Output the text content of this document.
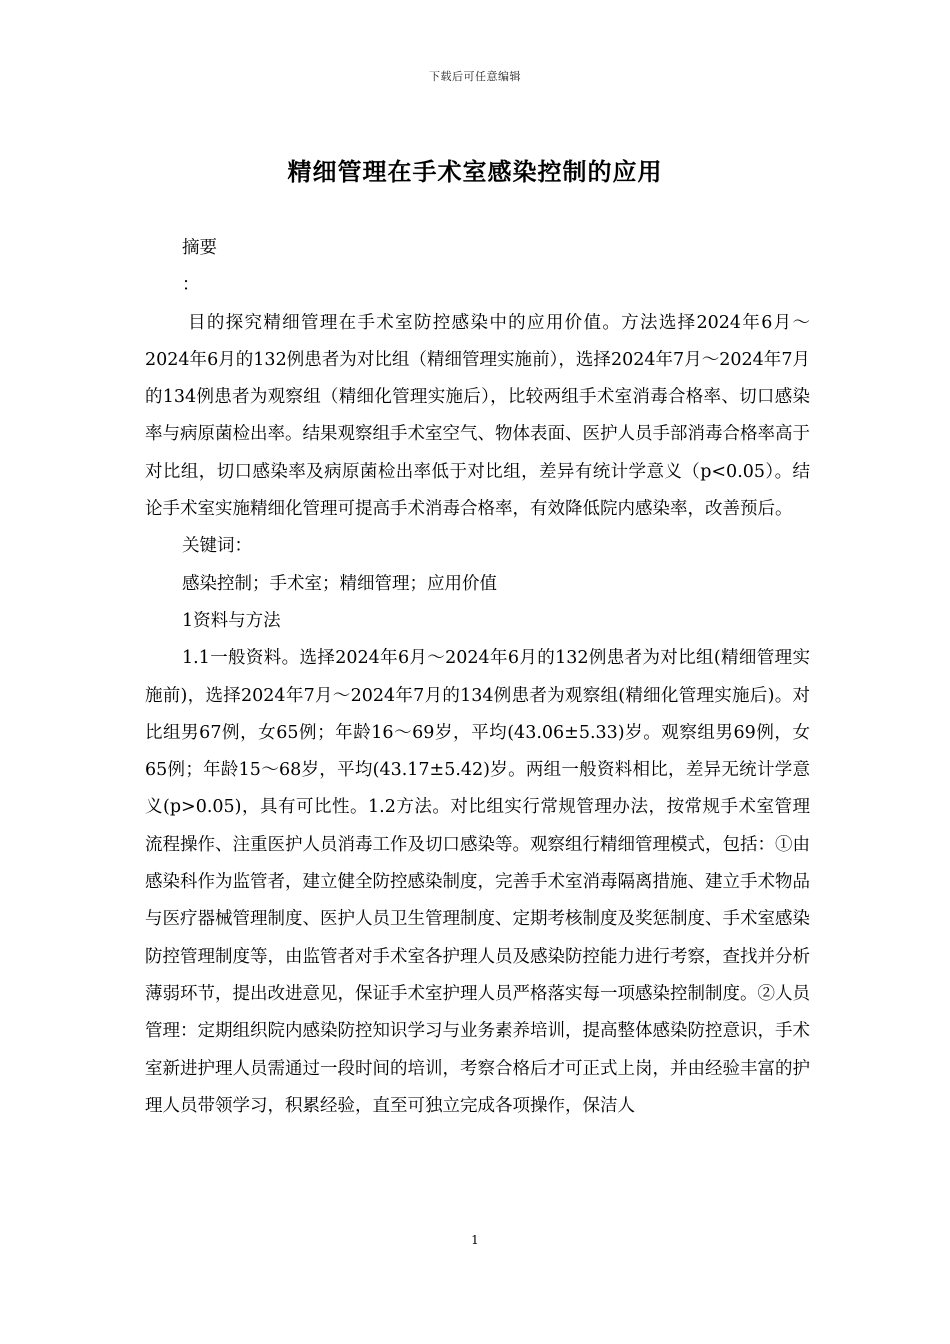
下载后可任意编辑
精细管理在手术室感染控制的应用

摘要

：

目的探究精细管理在手术室防控感染中的应用价值。方法选择2024年6月～2024年6月的132例患者为对比组（精细管理实施前），选择2024年7月～2024年7月的134例患者为观察组（精细化管理实施后），比较两组手术室消毒合格率、切口感染率与病原菌检出率。结果观察组手术室空气、物体表面、医护人员手部消毒合格率高于对比组，切口感染率及病原菌检出率低于对比组，差异有统计学意义（p<0.05）。结论手术室实施精细化管理可提高手术消毒合格率，有效降低院内感染率，改善预后。

关键词：

感染控制；手术室；精细管理；应用价值

1资料与方法

1.1一般资料。选择2024年6月～2024年6月的132例患者为对比组(精细管理实施前)，选择2024年7月～2024年7月的134例患者为观察组(精细化管理实施后)。对比组男67例，女65例；年龄16～69岁，平均(43.06±5.33)岁。观察组男69例，女65例；年龄15～68岁，平均(43.17±5.42)岁。两组一般资料相比，差异无统计学意义(p>0.05)，具有可比性。1.2方法。对比组实行常规管理办法，按常规手术室管理流程操作、注重医护人员消毒工作及切口感染等。观察组行精细管理模式，包括：①由感染科作为监管者，建立健全防控感染制度，完善手术室消毒隔离措施、建立手术物品与医疗器械管理制度、医护人员卫生管理制度、定期考核制度及奖惩制度、手术室感染防控管理制度等，由监管者对手术室各护理人员及感染防控能力进行考察，查找并分析薄弱环节，提出改进意见，保证手术室护理人员严格落实每一项感染控制制度。②人员管理：定期组织院内感染防控知识学习与业务素养培训，提高整体感染防控意识，手术室新进护理人员需通过一段时间的培训，考察合格后才可正式上岗，并由经验丰富的护理人员带领学习，积累经验，直至可独立完成各项操作，保洁人

1
